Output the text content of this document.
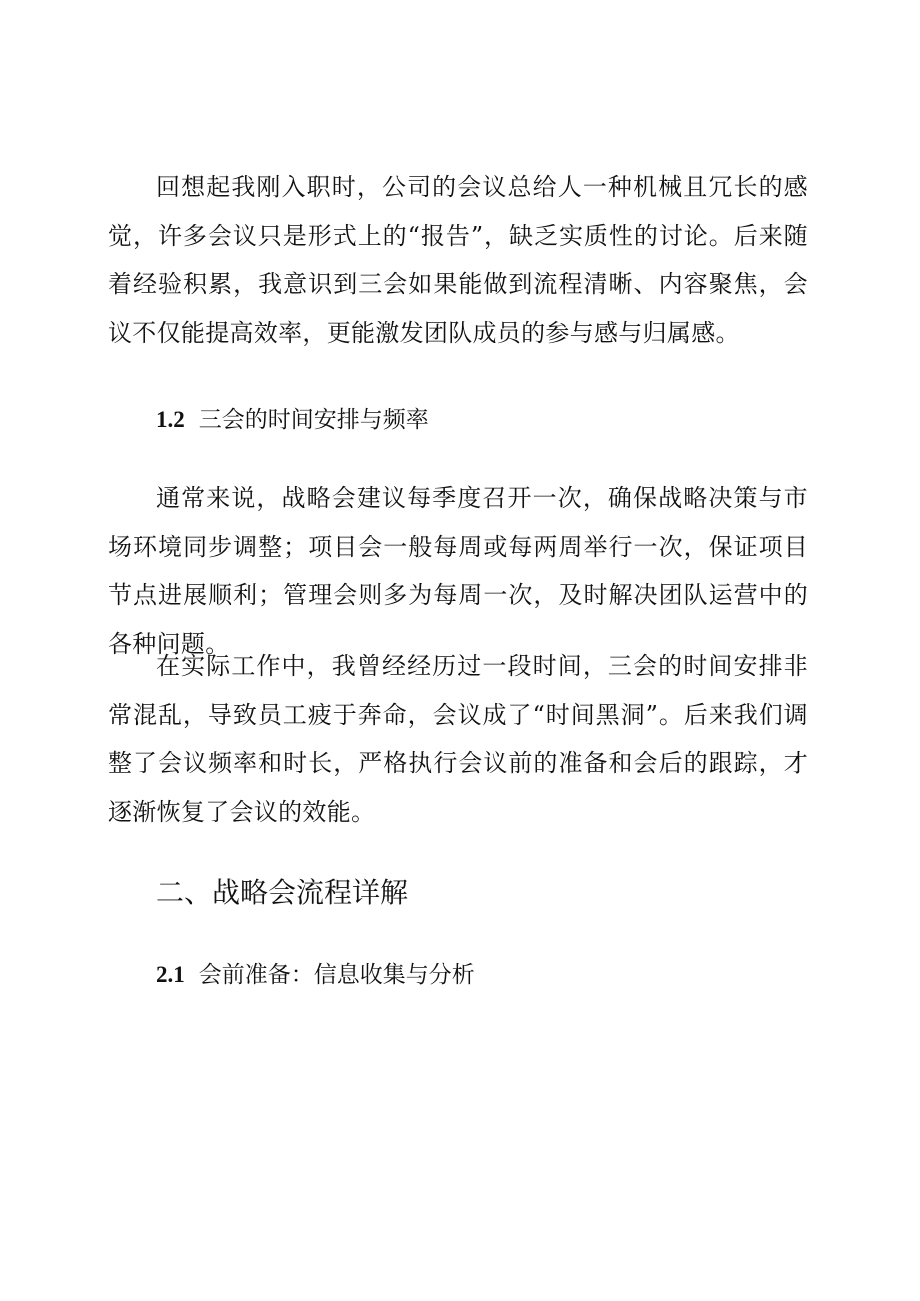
回想起我刚入职时，公司的会议总给人一种机械且冗长的感觉，许多会议只是形式上的“报告”，缺乏实质性的讨论。后来随着经验积累，我意识到三会如果能做到流程清晰、内容聚焦，会议不仅能提高效率，更能激发团队成员的参与感与归属感。

1.2 三会的时间安排与频率

通常来说，战略会建议每季度召开一次，确保战略决策与市场环境同步调整；项目会一般每周或每两周举行一次，保证项目节点进展顺利；管理会则多为每周一次，及时解决团队运营中的各种问题。

在实际工作中，我曾经经历过一段时间，三会的时间安排非常混乱，导致员工疲于奔命，会议成了“时间黑洞”。后来我们调整了会议频率和时长，严格执行会议前的准备和会后的跟踪，才逐渐恢复了会议的效能。

二、战略会流程详解
2.1 会前准备：信息收集与分析
